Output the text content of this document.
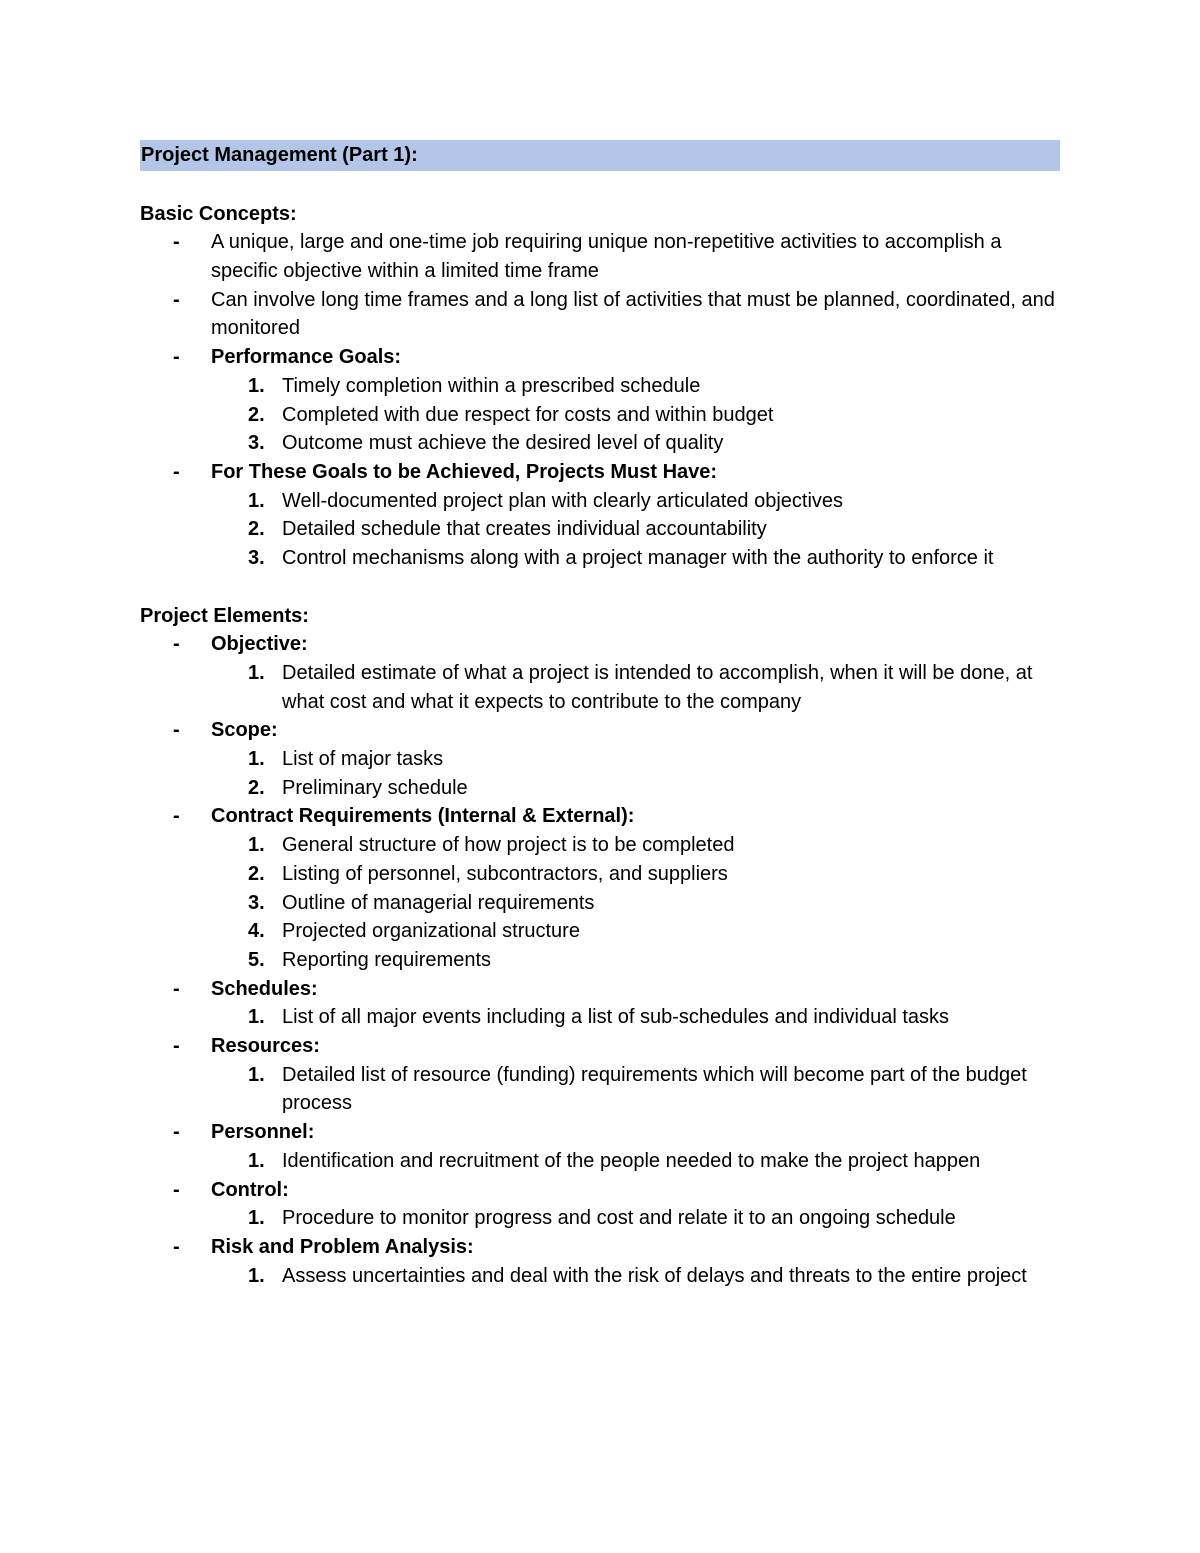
Project Management (Part 1):
Basic Concepts:
- A unique, large and one-time job requiring unique non-repetitive activities to accomplish a specific objective within a limited time frame
- Can involve long time frames and a long list of activities that must be planned, coordinated, and monitored
- Performance Goals:
1. Timely completion within a prescribed schedule
2. Completed with due respect for costs and within budget
3. Outcome must achieve the desired level of quality
- For These Goals to be Achieved, Projects Must Have:
1. Well-documented project plan with clearly articulated objectives
2. Detailed schedule that creates individual accountability
3. Control mechanisms along with a project manager with the authority to enforce it
Project Elements:
- Objective:
1. Detailed estimate of what a project is intended to accomplish, when it will be done, at what cost and what it expects to contribute to the company
- Scope:
1. List of major tasks
2. Preliminary schedule
- Contract Requirements (Internal & External):
1. General structure of how project is to be completed
2. Listing of personnel, subcontractors, and suppliers
3. Outline of managerial requirements
4. Projected organizational structure
5. Reporting requirements
- Schedules:
1. List of all major events including a list of sub-schedules and individual tasks
- Resources:
1. Detailed list of resource (funding) requirements which will become part of the budget process
- Personnel:
1. Identification and recruitment of the people needed to make the project happen
- Control:
1. Procedure to monitor progress and cost and relate it to an ongoing schedule
- Risk and Problem Analysis:
1. Assess uncertainties and deal with the risk of delays and threats to the entire project
